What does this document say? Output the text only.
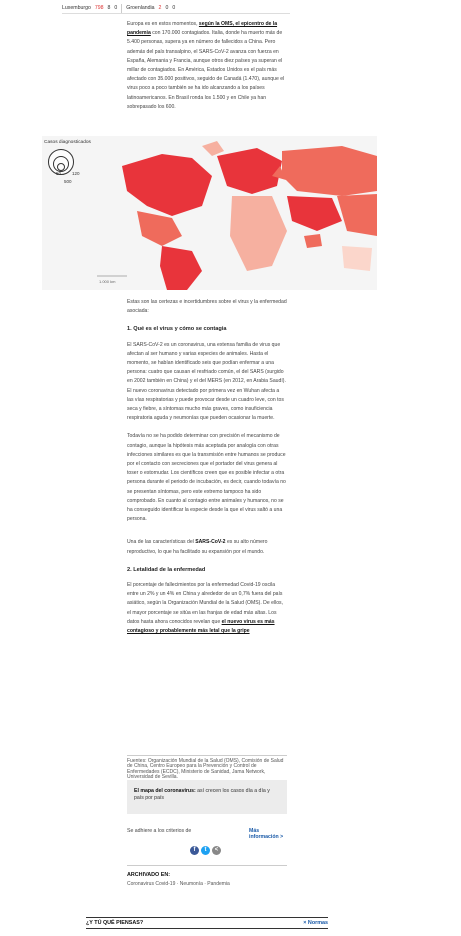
Luxemburgo 798 8 0 Groenlandia 2 0 0

Europa es en estos momentos, según la OMS, el epicentro de la pandemia con 170.000 contagiados. Italia, donde ha muerto más de 5.400 personas, supera ya en número de fallecidos a China. Pero además del país transalpino, el SARS-CoV-2 avanza con fuerza en España, Alemania y Francia, aunque otros diez países ya superan el millar de contagiados. En América, Estados Unidos es el país más afectado con 35.000 positivos, seguido de Canadá (1.470), aunque el virus poco a poco también se ha ido alcanzando a los países latinoamericanos. En Brasil ronda los 1.500 y en Chile ya han sobrepasado los 600.

1.000 km
Casos diagnosticados
50 120
500

Estas son las certezas e incertidumbres sobre el virus y la enfermedad asociada:

1. Qué es el virus y cómo se contagia

El SARS-CoV-2 es un coronavirus, una extensa familia de virus que afectan al ser humano y varias especies de animales. Hasta el momento, se habían identificado seis que podían enfermar a una persona: cuatro que causan el resfriado común, el del SARS (surgido en 2002 también en China) y el del MERS (en 2012, en Arabia Saudí). El nuevo coronavirus detectado por primera vez en Wuhan afecta a las vías respiratorias y puede provocar desde un cuadro leve, con tos seca y fiebre, a síntomas mucho más graves, como insuficiencia respiratoria aguda y neumonías que pueden ocasionar la muerte.

Todavía no se ha podido determinar con precisión el mecanismo de contagio, aunque la hipótesis más aceptada por analogía con otras infecciones similares es que la transmisión entre humanos se produce por el contacto con secreciones que el portador del virus genera al toser o estornudar. Los científicos creen que es posible infectar a otra persona durante el periodo de incubación, es decir, cuando todavía no se presentan síntomas, pero este extremo tampoco ha sido comprobado. En cuanto al contagio entre animales y humanos, no se ha conseguido identificar la especie desde la que el virus saltó a una persona.

Una de las características del SARS-CoV-2 es su alto número reproductivo, lo que ha facilitado su expansión por el mundo.

2. Letalidad de la enfermedad

El porcentaje de fallecimientos por la enfermedad Covid-19 oscila entre un 2% y un 4% en China y alrededor de un 0,7% fuera del país asiático, según la Organización Mundial de la Salud (OMS). De ellos, el mayor porcentaje se sitúa en las franjas de edad más altas. Los datos hasta ahora conocidos revelan que el nuevo virus es más contagioso y probablemente más letal que la gripe

Fuentes: Organización Mundial de la Salud (OMS), Comisión de Salud de China, Centro Europeo para la Prevención y Control de Enfermedades (ECDC), Ministerio de Sanidad, Jama Network, Universidad de Sevilla.
El mapa del coronavirus: así crecen los casos día a día y país por país
Se adhiere a los criterios de	Más información >
f	t	<
ARCHIVADO EN:
Coronavirus Covid-19 · Neumonía · Pandemia
¿Y TÚ QUÉ PIENSAS?	× Normas
